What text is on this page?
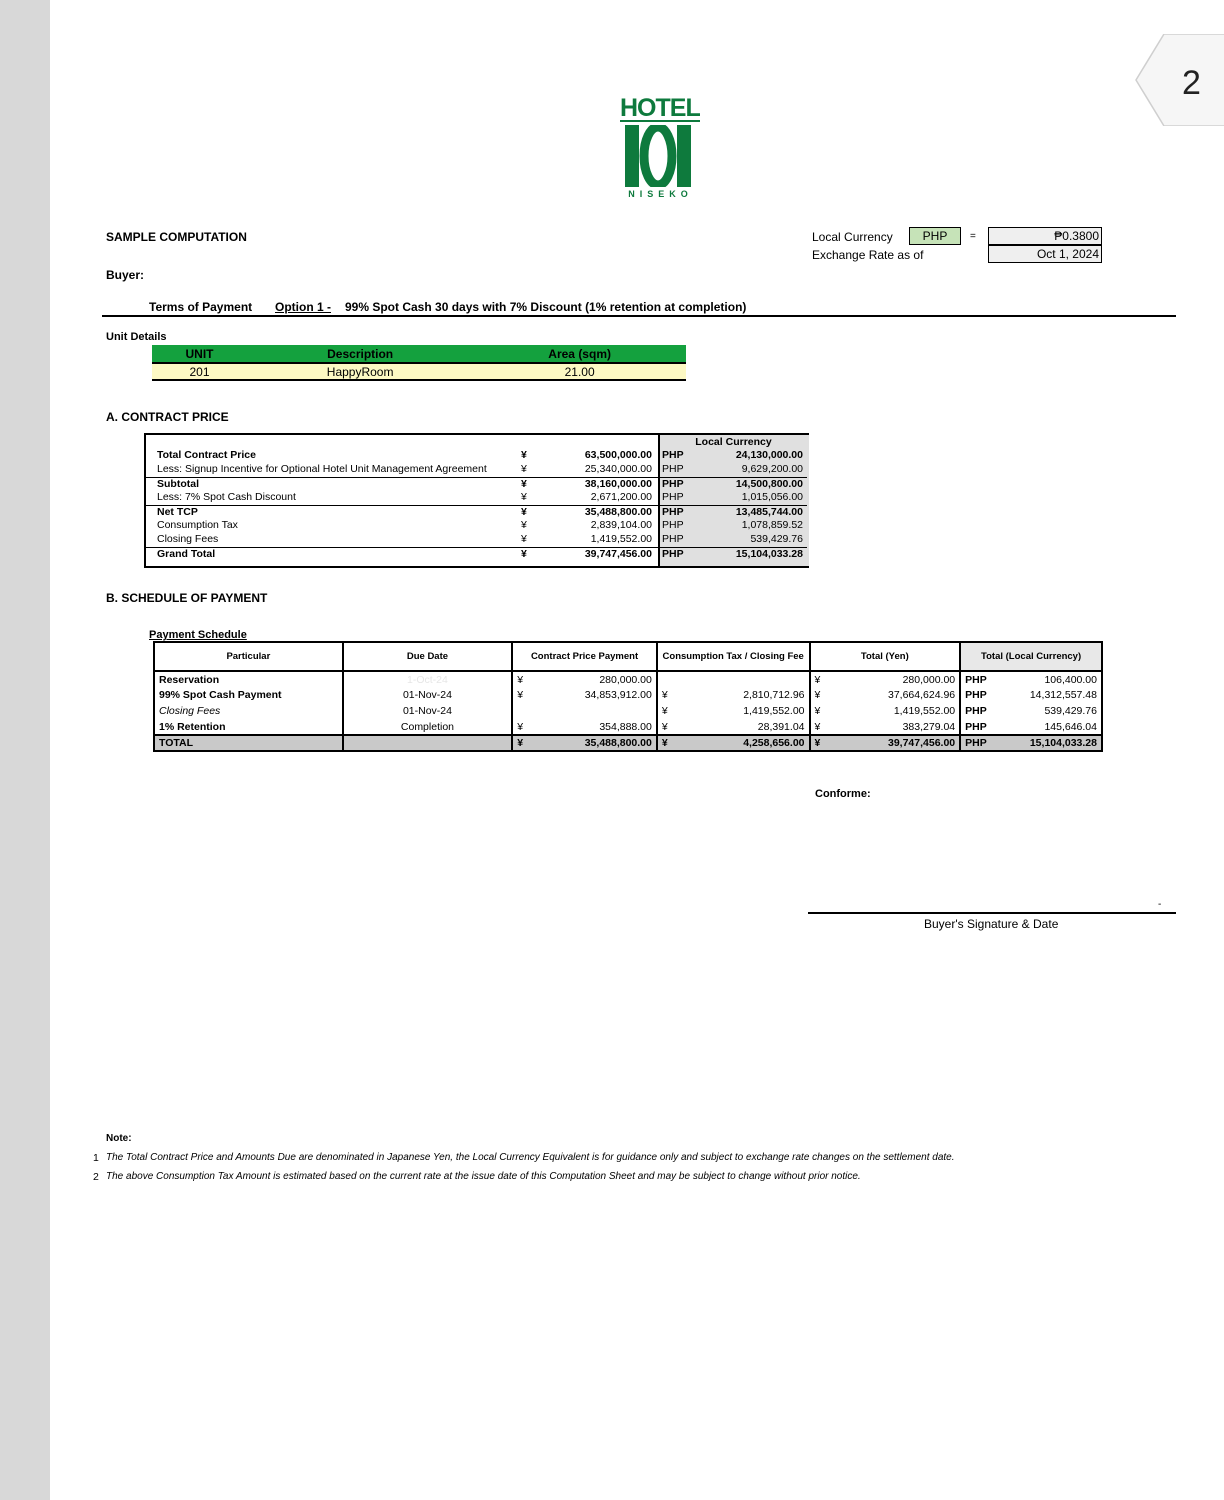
2
HOTEL
NISEKO
SAMPLE COMPUTATION
Buyer:
Local Currency	PHP	=	₱0.3800
Exchange Rate as of	Oct 1, 2024
Terms of Payment Option 1 - 99% Spot Cash 30 days with 7% Discount (1% retention at completion)
Unit Details
UNIT	Description	Area (sqm)
201	HappyRoom	21.00
A. CONTRACT PRICE
Local Currency
Total Contract Price	¥	63,500,000.00 PHP	24,130,000.00
Less: Signup Incentive for Optional Hotel Unit Management Agreement	¥	25,340,000.00 PHP	9,629,200.00
Subtotal	¥	38,160,000.00 PHP	14,500,800.00
Less: 7% Spot Cash Discount	¥	2,671,200.00 PHP	1,015,056.00
Net TCP	¥	35,488,800.00 PHP	13,485,744.00
Consumption Tax	¥	2,839,104.00 PHP	1,078,859.52
Closing Fees	¥	1,419,552.00 PHP	539,429.76
Grand Total	¥	39,747,456.00 PHP	15,104,033.28
B. SCHEDULE OF PAYMENT
Payment Schedule
Particular	Due Date	Contract Price Payment	Consumption Tax / Closing Fee	Total (Yen)	Total (Local Currency)
Reservation	1-Oct-24	¥ 280,000.00		¥ 280,000.00	PHP 106,400.00

99% Spot Cash Payment	01-Nov-24	¥ 34,853,912.00	¥ 2,810,712.96	¥ 37,664,624.96	PHP 14,312,557.48

Closing Fees	01-Nov-24		¥ 1,419,552.00	¥ 1,419,552.00	PHP 539,429.76

1% Retention	Completion	¥ 354,888.00	¥ 28,391.04	¥ 383,279.04	PHP 145,646.04

TOTAL		¥ 35,488,800.00	¥ 4,258,656.00	¥ 39,747,456.00	PHP 15,104,033.28
Conforme:
-
Buyer's Signature & Date
Note:
1 The Total Contract Price and Amounts Due are denominated in Japanese Yen, the Local Currency Equivalent is for guidance only and subject to exchange rate changes on the settlement date.
2 The above Consumption Tax Amount is estimated based on the current rate at the issue date of this Computation Sheet and may be subject to change without prior notice.
